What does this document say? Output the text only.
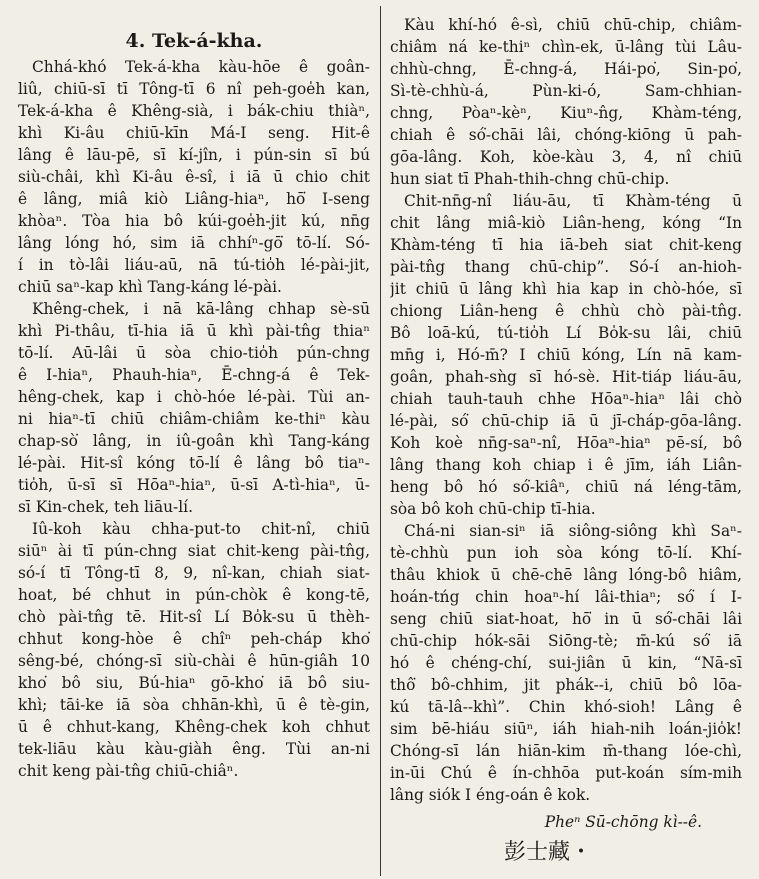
4. Tek-á-kha.
Chhá-khó Tek-á-kha kàu-hōe ê goân-
liû, chiū-sī tī Tông-tī 6 nî peh-goe̍h kan,
Tek-á-kha ê Khêng-sià, i bák-chiu thiàⁿ,
khì Ki-âu chiū-kīn Má-I seng. Hit-ê
lâng ê lāu-pē, sī kí-jîn, i pún-sin sī bú
siù-châi, khì Ki-âu ê-sî, i iā ū chio chit
ê lâng, miâ kiò Liâng-hiaⁿ, hō͘ I-seng
khòaⁿ. Tòa hia bô kúi-goe̍h-jit kú, nn̄g
lâng lóng hó, sim iā chhíⁿ-gō͘ tō-lí. Só-
í in tò-lâi liáu-aū, nā tú-tio̍h lé-pài-jit,
chiū saⁿ-kap khì Tang-káng lé-pài.
Khêng-chek, i nā kā-lâng chhap sè-sū
khì Pi-thâu, tī-hia iā ū khì pài-tn̂g thiaⁿ
tō-lí. Aū-lâi ū sòa chio-tio̍h pún-chng
ê I-hiaⁿ, Phauh-hiaⁿ, Ē-chng-á ê Tek-
hêng-chek, kap i chò-hóe lé-pài. Tùi an-
ni hiaⁿ-tī chiū chiâm-chiâm ke-thiⁿ kàu
chap-sò͘ lâng, in iû-goân khì Tang-káng
lé-pài. Hit-sî kóng tō-lí ê lâng bô tiaⁿ-
tio̍h, ū-sī sī Hōaⁿ-hiaⁿ, ū-sī A-tì-hiaⁿ, ū-
sī Kin-chek, teh liāu-lí.
Iû-koh kàu chha-put-to chit-nî, chiū
siūⁿ ài tī pún-chng siat chit-keng pài-tn̂g,
só-í tī Tông-tī 8, 9, nî-kan, chiah siat-
hoat, bé chhut in pún-chòk ê kong-tē,
chò pài-tn̂g tē. Hit-sî Lí Bo̍k-su ū thèh-
chhut kong-hòe ê chîⁿ peh-cháp kho͘
sêng-bé, chóng-sī siù-chài ê hūn-giâh 10
kho͘ bô siu, Bú-hiaⁿ gō-kho͘ iā bô siu-
khì; tāi-ke iā sòa chhān-khì, ū ê tè-gin,
ū ê chhut-kang, Khêng-chek koh chhut
tek-liāu kàu kàu-giàh êng. Tùi an-ni
chit keng pài-tn̂g chiū-chiâⁿ.
Kàu khí-hó ê-sì, chiū chū-chip, chiâm-
chiâm ná ke-thiⁿ chìn-ek, ū-lâng tùi Lâu-
chhù-chng, Ē-chng-á, Hái-po͘, Sin-po͘,
Sì-tè-chhù-á, Pùn-ki-ó, Sam-chhian-
chng, Pòaⁿ-kèⁿ, Kiuⁿ-n̂g, Khàm-téng,
chiah ê só͘-chāi lâi, chóng-kiōng ū pah-
gōa-lâng. Koh, kòe-kàu 3, 4, nî chiū
hun siat tī Phah-thih-chng chū-chip.
Chit-nn̄g-nî liáu-āu, tī Khàm-téng ū
chit lâng miâ-kiò Liân-heng, kóng “In
Khàm-téng tī hia iā-beh siat chit-keng
pài-tn̂g thang chū-chip”. Só-í an-hioh-
jit chiū ū lâng khì hia kap in chò-hóe, sī
chiong Liân-heng ê chhù chò pài-tn̂g.
Bô loā-kú, tú-tio̍h Lí Bo̍k-su lâi, chiū
mn̄g i, Hó-m̄? I chiū kóng, Lín nā kam-
goân, phah-sǹg sī hó-sè. Hit-tiáp liáu-āu,
chiah tauh-tauh chhe Hōaⁿ-hiaⁿ lâi chò
lé-pài, só͘ chū-chip iā ū jī-cháp-gōa-lâng.
Koh koè nn̄g-saⁿ-nî, Hōaⁿ-hiaⁿ pē-sí, bô
lâng thang koh chiap i ê jīm, iáh Liân-
heng bô hó só͘-kiâⁿ, chiū ná léng-tām,
sòa bô koh chū-chip tī-hia.
Chá-ni sian-siⁿ iā siông-siông khì Saⁿ-
tè-chhù pun ioh sòa kóng tō-lí. Khí-
thâu khiok ū chē-chē lâng lóng-bô hiâm,
hoán-tńg chin hoaⁿ-hí lâi-thiaⁿ; só͘ í I-
seng chiū siat-hoat, hō͘ in ū só͘-chāi lâi
chū-chip hók-sāi Siōng-tè; m̄-kú só͘ iā
hó ê chéng-chí, sui-jiân ū kin, “Nā-sī
thô͘ bô-chhim, jit phák--i, chiū bô lōa-
kú tā-lâ--khì”. Chin khó-sioh! Lâng ê
sim bē-hiáu siūⁿ, iáh hiah-nih loán-jio̍k!
Chóng-sī lán hiān-kim m̄-thang lóe-chì,
in-ūi Chú ê ín-chhōa put-koán sím-mih
lâng siók I éng-oán ê kok.
Pheⁿ Sū-chōng kì--ê.
彭士藏・
